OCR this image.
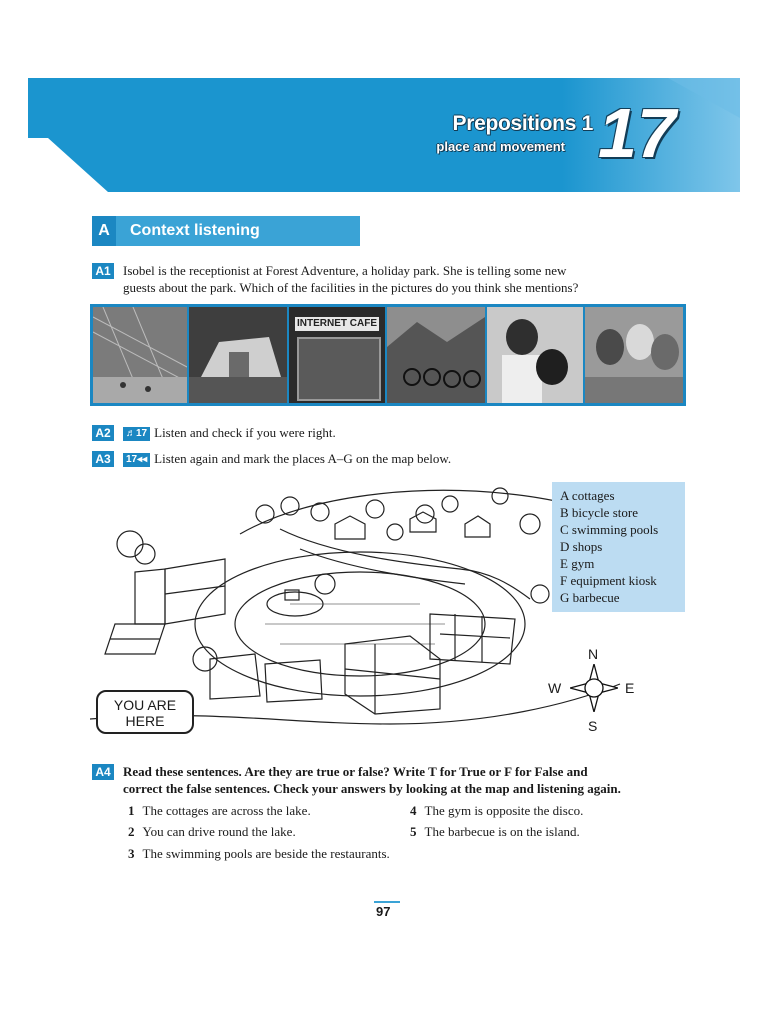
Prepositions 1
place and movement 17
A	Context listening
A1 Isobel is the receptionist at Forest Adventure, a holiday park. She is telling some new
guests about the park. Which of the facilities in the pictures do you think she mentions?
INTERNET CAFE
A2	♬17 Listen and check if you were right.
A3	17◂◂ Listen again and mark the places A–G on the map below.
A cottages
B bicycle store
C swimming pools
D shops
E gym
F equipment kiosk
G barbecue
YOU ARE
HERE
N
S
W	E
A4 Read these sentences. Are they are true or false? Write T for True or F for False and
correct the false sentences. Check your answers by looking at the map and listening again.
1 The cottages are across the lake.
2 You can drive round the lake.
3 The swimming pools are beside the restaurants.
4 The gym is opposite the disco.
5 The barbecue is on the island.
97
